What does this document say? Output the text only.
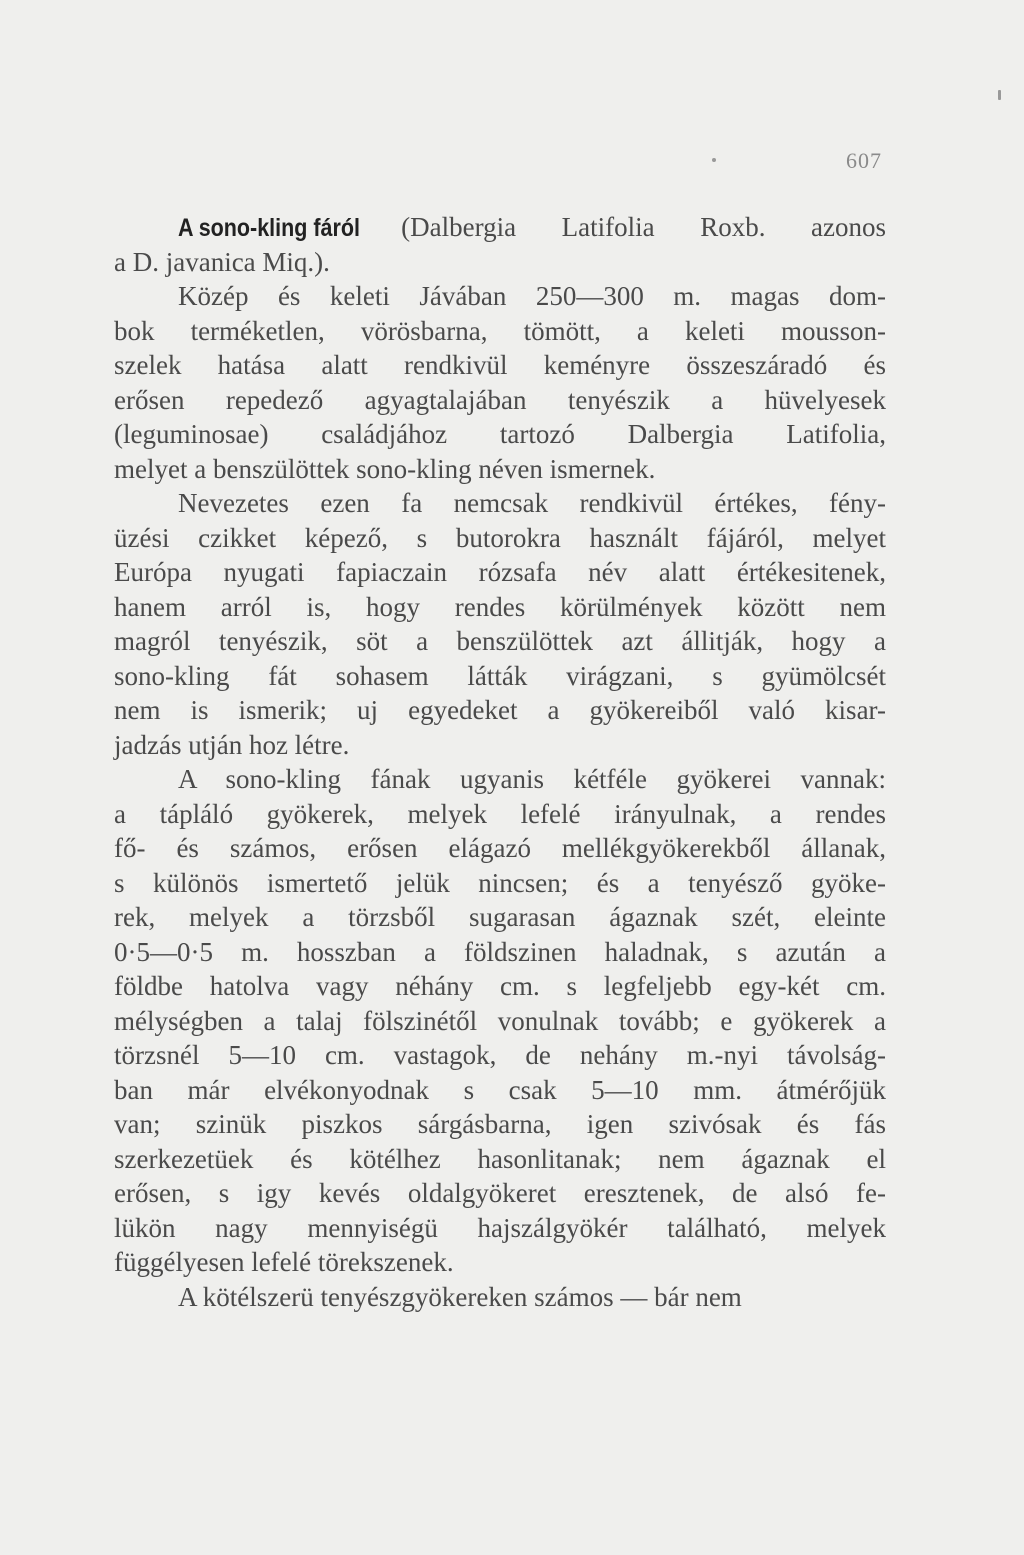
607
A sono-kling fáról (Dalbergia Latifolia Roxb. azonos
a D. javanica Miq.).
Közép és keleti Jávában 250—300 m. magas dom-
bok terméketlen, vörösbarna, tömött, a keleti mousson-
szelek hatása alatt rendkivül keményre összeszáradó és
erősen repedező agyagtalajában tenyészik a hüvelyesek
(leguminosae) családjához tartozó Dalbergia Latifolia,
melyet a benszülöttek sono-kling néven ismernek.
Nevezetes ezen fa nemcsak rendkivül értékes, fény-
üzési czikket képező, s butorokra használt fájáról, melyet
Európa nyugati fapiaczain rózsafa név alatt értékesitenek,
hanem arról is, hogy rendes körülmények között nem
magról tenyészik, söt a benszülöttek azt állitják, hogy a
sono-kling fát sohasem látták virágzani, s gyümölcsét
nem is ismerik; uj egyedeket a gyökereiből való kisar-
jadzás utján hoz létre.
A sono-kling fának ugyanis kétféle gyökerei vannak:
a tápláló gyökerek, melyek lefelé irányulnak, a rendes
fő- és számos, erősen elágazó mellékgyökerekből állanak,
s különös ismertető jelük nincsen; és a tenyésző gyöke-
rek, melyek a törzsből sugarasan ágaznak szét, eleinte
0·5—0·5 m. hosszban a földszinen haladnak, s azután a
földbe hatolva vagy néhány cm. s legfeljebb egy-két cm.
mélységben a talaj fölszinétől vonulnak tovább; e gyökerek a
törzsnél 5—10 cm. vastagok, de nehány m.-nyi távolság-
ban már elvékonyodnak s csak 5—10 mm. átmérőjük
van; szinük piszkos sárgásbarna, igen szivósak és fás
szerkezetüek és kötélhez hasonlitanak; nem ágaznak el
erősen, s igy kevés oldalgyökeret eresztenek, de alsó fe-
lükön nagy mennyiségü hajszálgyökér található, melyek
függélyesen lefelé törekszenek.
A kötélszerü tenyészgyökereken számos — bár nem
